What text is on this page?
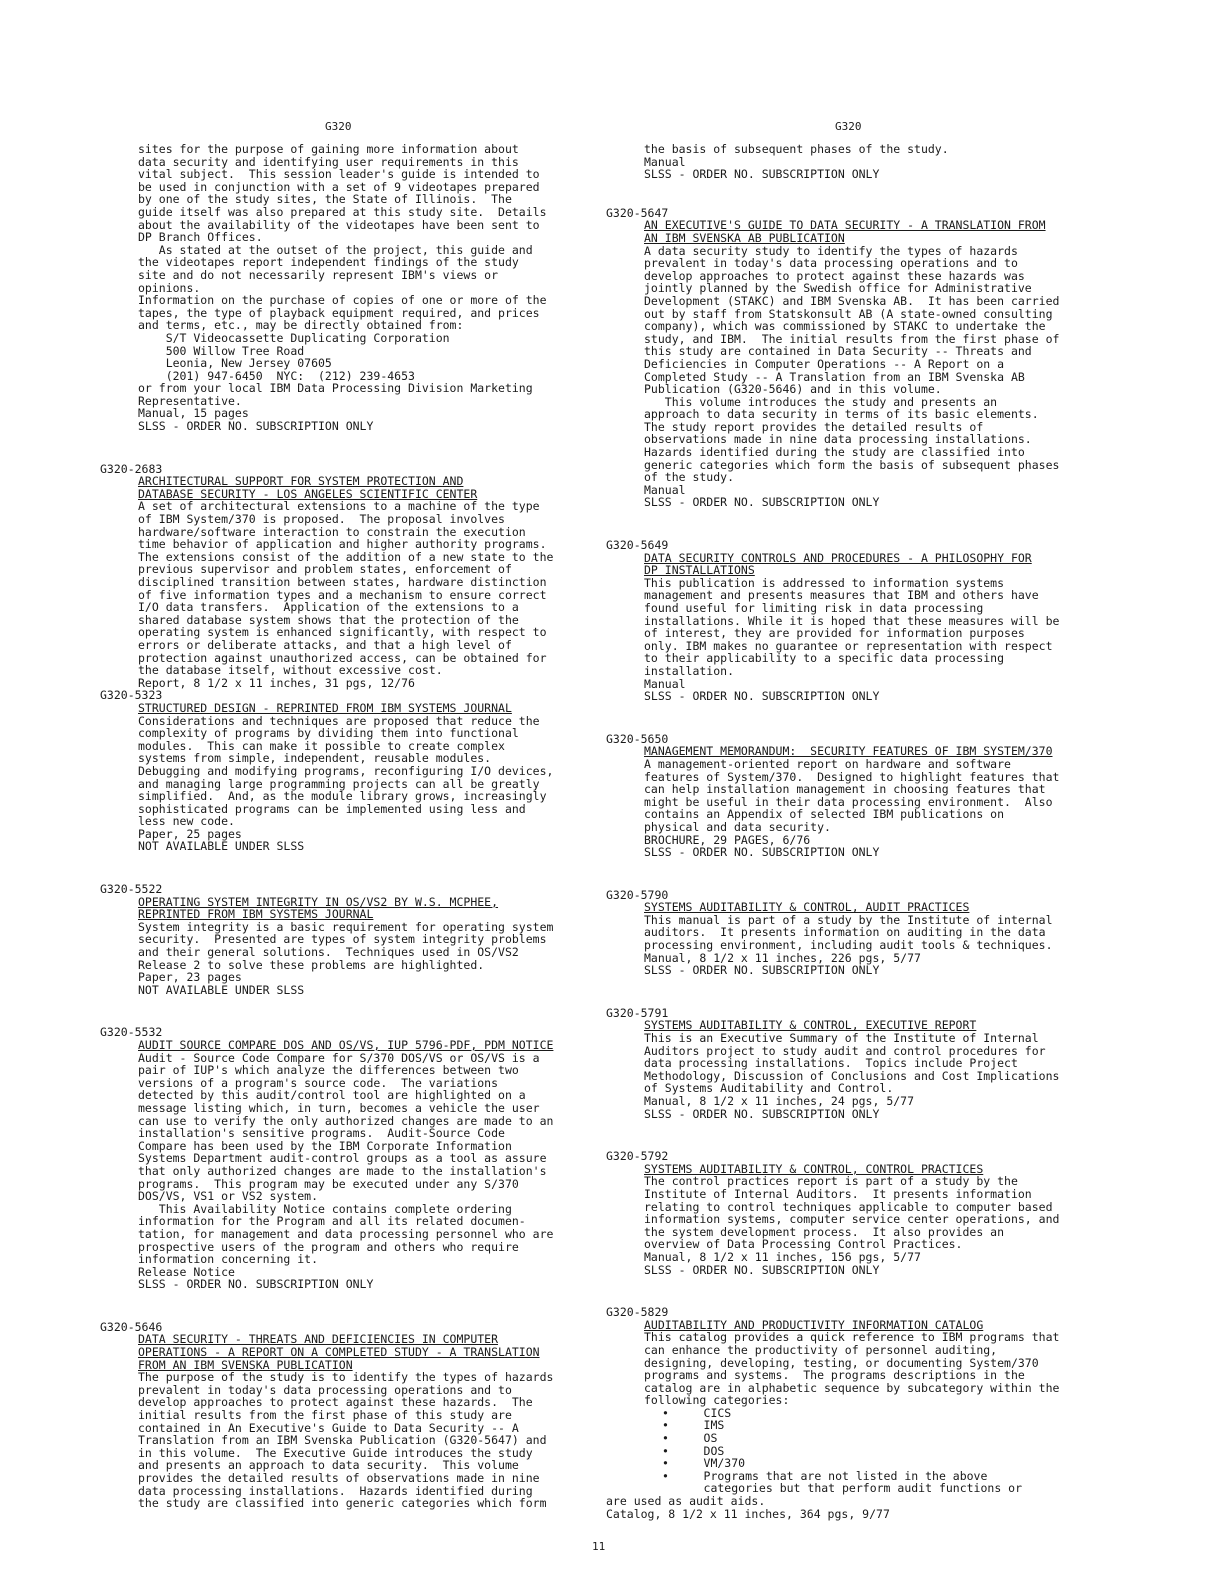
G320	G320
sites for the purpose of gaining more information about
data security and identifying user requirements in this
vital subject.  This session leader's guide is intended to
be used in conjunction with a set of 9 videotapes prepared
by one of the study sites, the State of Illinois.  The
guide itself was also prepared at this study site.  Details
about the availability of the videotapes have been sent to
DP Branch Offices.
As stated at the outset of the project, this guide and
the videotapes report independent findings of the study
site and do not necessarily represent IBM's views or
opinions.
Information on the purchase of copies of one or more of the
tapes, the type of playback equipment required, and prices
and terms, etc., may be directly obtained from:
S/T Videocassette Duplicating Corporation
500 Willow Tree Road
Leonia, New Jersey 07605
(201) 947-6450  NYC:  (212) 239-4653
or from your local IBM Data Processing Division Marketing
Representative.
Manual, 15 pages
SLSS - ORDER NO. SUBSCRIPTION ONLY
G320-2683
ARCHITECTURAL SUPPORT FOR SYSTEM PROTECTION AND
DATABASE SECURITY - LOS ANGELES SCIENTIFIC CENTER
A set of architectural extensions to a machine of the type
of IBM System/370 is proposed.  The proposal involves
hardware/software interaction to constrain the execution
time behavior of application and higher authority programs.
The extensions consist of the addition of a new state to the
previous supervisor and problem states, enforcement of
disciplined transition between states, hardware distinction
of five information types and a mechanism to ensure correct
I/O data transfers.  Application of the extensions to a
shared database system shows that the protection of the
operating system is enhanced significantly, with respect to
errors or deliberate attacks, and that a high level of
protection against unauthorized access, can be obtained for
the database itself, without excessive cost.
Report, 8 1/2 x 11 inches, 31 pgs, 12/76
G320-5323
STRUCTURED DESIGN - REPRINTED FROM IBM SYSTEMS JOURNAL
Considerations and techniques are proposed that reduce the
complexity of programs by dividing them into functional
modules.  This can make it possible to create complex
systems from simple, independent, reusable modules.
Debugging and modifying programs, reconfiguring I/O devices,
and managing large programming projects can all be greatly
simplified.  And, as the module library grows, increasingly
sophisticated programs can be implemented using less and
less new code.
Paper, 25 pages
NOT AVAILABLE UNDER SLSS
G320-5522
OPERATING SYSTEM INTEGRITY IN OS/VS2 BY W.S. MCPHEE,
REPRINTED FROM IBM SYSTEMS JOURNAL
System integrity is a basic requirement for operating system
security.  Presented are types of system integrity problems
and their general solutions.  Techniques used in OS/VS2
Release 2 to solve these problems are highlighted.
Paper, 23 pages
NOT AVAILABLE UNDER SLSS
G320-5532
AUDIT SOURCE COMPARE DOS AND OS/VS, IUP 5796-PDF, PDM NOTICE
Audit - Source Code Compare for S/370 DOS/VS or OS/VS is a
pair of IUP's which analyze the differences between two
versions of a program's source code.  The variations
detected by this audit/control tool are highlighted on a
message listing which, in turn, becomes a vehicle the user
can use to verify the only authorized changes are made to an
installation's sensitive programs.  Audit-Source Code
Compare has been used by the IBM Corporate Information
Systems Department audit-control groups as a tool as assure
that only authorized changes are made to the installation's
programs.  This program may be executed under any S/370
DOS/VS, VS1 or VS2 system.
This Availability Notice contains complete ordering
information for the Program and all its related documen-
tation, for management and data processing personnel who are
prospective users of the program and others who require
information concerning it.
Release Notice
SLSS - ORDER NO. SUBSCRIPTION ONLY
G320-5646
DATA SECURITY - THREATS AND DEFICIENCIES IN COMPUTER
OPERATIONS - A REPORT ON A COMPLETED STUDY - A TRANSLATION
FROM AN IBM SVENSKA PUBLICATION
The purpose of the study is to identify the types of hazards
prevalent in today's data processing operations and to
develop approaches to protect against these hazards.  The
initial results from the first phase of this study are
contained in An Executive's Guide to Data Security -- A
Translation from an IBM Svenska Publication (G320-5647) and
in this volume.  The Executive Guide introduces the study
and presents an approach to data security.  This volume
provides the detailed results of observations made in nine
data processing installations.  Hazards identified during
the study are classified into generic categories which form
the basis of subsequent phases of the study.
Manual
SLSS - ORDER NO. SUBSCRIPTION ONLY
G320-5647
AN EXECUTIVE'S GUIDE TO DATA SECURITY - A TRANSLATION FROM
AN IBM SVENSKA AB PUBLICATION
A data security study to identify the types of hazards
prevalent in today's data processing operations and to
develop approaches to protect against these hazards was
jointly planned by the Swedish office for Administrative
Development (STAKC) and IBM Svenska AB.  It has been carried
out by staff from Statskonsult AB (A state-owned consulting
company), which was commissioned by STAKC to undertake the
study, and IBM.  The initial results from the first phase of
this study are contained in Data Security -- Threats and
Deficiencies in Computer Operations -- A Report on a
Completed Study -- A Translation from an IBM Svenska AB
Publication (G320-5646) and in this volume.
This volume introduces the study and presents an
approach to data security in terms of its basic elements.
The study report provides the detailed results of
observations made in nine data processing installations.
Hazards identified during the study are classified into
generic categories which form the basis of subsequent phases
of the study.
Manual
SLSS - ORDER NO. SUBSCRIPTION ONLY
G320-5649
DATA SECURITY CONTROLS AND PROCEDURES - A PHILOSOPHY FOR
DP INSTALLATIONS
This publication is addressed to information systems
management and presents measures that IBM and others have
found useful for limiting risk in data processing
installations. While it is hoped that these measures will be
of interest, they are provided for information purposes
only. IBM makes no guarantee or representation with respect
to their applicability to a specific data processing
installation.
Manual
SLSS - ORDER NO. SUBSCRIPTION ONLY
G320-5650
MANAGEMENT MEMORANDUM:  SECURITY FEATURES OF IBM SYSTEM/370
A management-oriented report on hardware and software
features of System/370.  Designed to highlight features that
can help installation management in choosing features that
might be useful in their data processing environment.  Also
contains an Appendix of selected IBM publications on
physical and data security.
BROCHURE, 29 PAGES, 6/76
SLSS - ORDER NO. SUBSCRIPTION ONLY
G320-5790
SYSTEMS AUDITABILITY & CONTROL, AUDIT PRACTICES
This manual is part of a study by the Institute of internal
auditors.  It presents information on auditing in the data
processing environment, including audit tools & techniques.
Manual, 8 1/2 x 11 inches, 226 pgs, 5/77
SLSS - ORDER NO. SUBSCRIPTION ONLY
G320-5791
SYSTEMS AUDITABILITY & CONTROL, EXECUTIVE REPORT
This is an Executive Summary of the Institute of Internal
Auditors project to study audit and control procedures for
data processing installations.  Topics include Project
Methodology, Discussion of Conclusions and Cost Implications
of Systems Auditability and Control.
Manual, 8 1/2 x 11 inches, 24 pgs, 5/77
SLSS - ORDER NO. SUBSCRIPTION ONLY
G320-5792
SYSTEMS AUDITABILITY & CONTROL, CONTROL PRACTICES
The control practices report is part of a study by the
Institute of Internal Auditors.  It presents information
relating to control techniques applicable to computer based
information systems, computer service center operations, and
the system development process.  It also provides an
overview of Data Processing Control Practices.
Manual, 8 1/2 x 11 inches, 156 pgs, 5/77
SLSS - ORDER NO. SUBSCRIPTION ONLY
G320-5829
AUDITABILITY AND PRODUCTIVITY INFORMATION CATALOG
This catalog provides a quick reference to IBM programs that
can enhance the productivity of personnel auditing,
designing, developing, testing, or documenting System/370
programs and systems.  The programs descriptions in the
catalog are in alphabetic sequence by subcategory within the
following categories:
•     CICS
•     IMS
•     OS
•     DOS
•     VM/370
•     Programs that are not listed in the above
categories but that perform audit functions or
are used as audit aids.
Catalog, 8 1/2 x 11 inches, 364 pgs, 9/77
11
